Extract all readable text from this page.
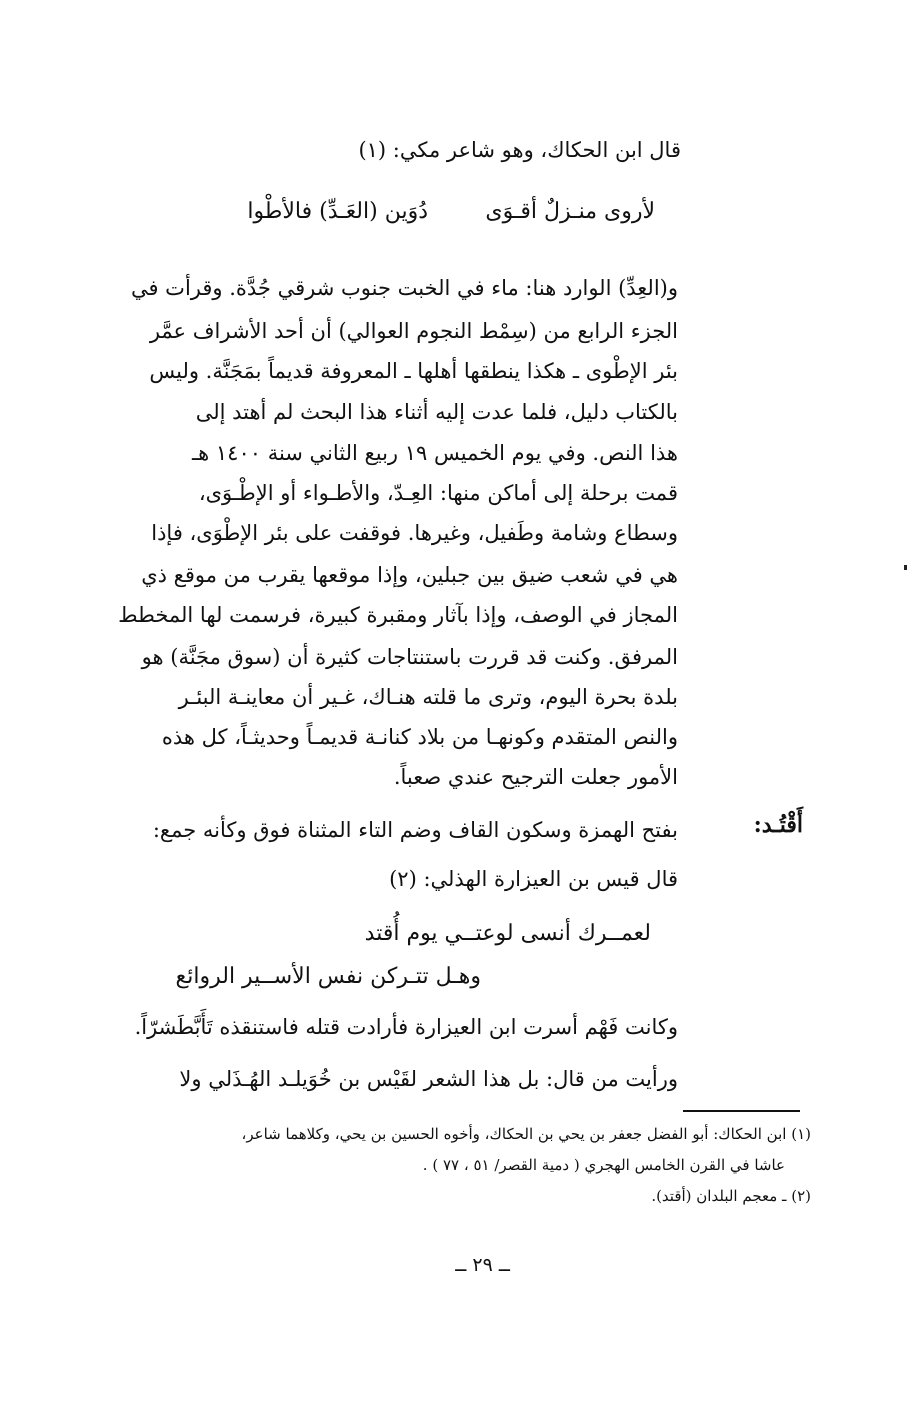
قال ابن الحكاك، وهو شاعر مكي: (١)
لأروى منـزلٌ أقـوَى
دُوَين (العَـدِّ) فالأطْوا
و(العِدِّ) الوارد هنا: ماء في الخبت جنوب شرقي جُدَّة. وقرأت في
الجزء الرابع من (سِمْط النجوم العوالي) أن أحد الأشراف عمَّر
بئر الإطْوى ـ هكذا ينطقها أهلها ـ المعروفة قديماً بمَجَنَّة. وليس
بالكتاب دليل، فلما عدت إليه أثناء هذا البحث لم أهتد إلى
هذا النص. وفي يوم الخميس ١٩ ربيع الثاني سنة ١٤٠٠ هـ
قمت برحلة إلى أماكن منها: العِـدّ، والأطـواء أو الإطْـوَى،
وسطاع وشامة وطَفيل، وغيرها. فوقفت على بئر الإطْوَى، فإذا
هي في شعب ضيق بين جبلين، وإذا موقعها يقرب من موقع ذي
المجاز في الوصف، وإذا بآثار ومقبرة كبيرة، فرسمت لها المخطط
المرفق. وكنت قد قررت باستنتاجات كثيرة أن (سوق مجَنَّة) هو
بلدة بحرة اليوم، وترى ما قلته هنـاك، غـير أن معاينـة البئـر
والنص المتقدم وكونهـا من بلاد كنانـة قديمـاً وحديثـاً، كل هذه
الأمور جعلت الترجيح عندي صعباً.
أَقْتُـد:
بفتح الهمزة وسكون القاف وضم التاء المثناة فوق وكأنه جمع:
قال قيس بن العيزارة الهذلي: (٢)
لعمــرك أنسى لوعتــي يوم أُقتد
وهـل تتـركن نفس الأســير الروائع
وكانت فَهْم أسرت ابن العيزارة فأرادت قتله فاستنقذه تَأَبَّطَشرّاً.
ورأيت من قال: بل هذا الشعر لقَيْس بن خُوَيلـد الهُـذَلي ولا
(١) ابن الحكاك: أبو الفضل جعفر بن يحي بن الحكاك، وأخوه الحسين بن يحي، وكلاهما شاعر،
عاشا في القرن الخامس الهجري ( دمية القصر/ ٥١ ، ٧٧ ) .
(٢) ـ معجم البلدان (أقتد).
ــ ٢٩ ــ
